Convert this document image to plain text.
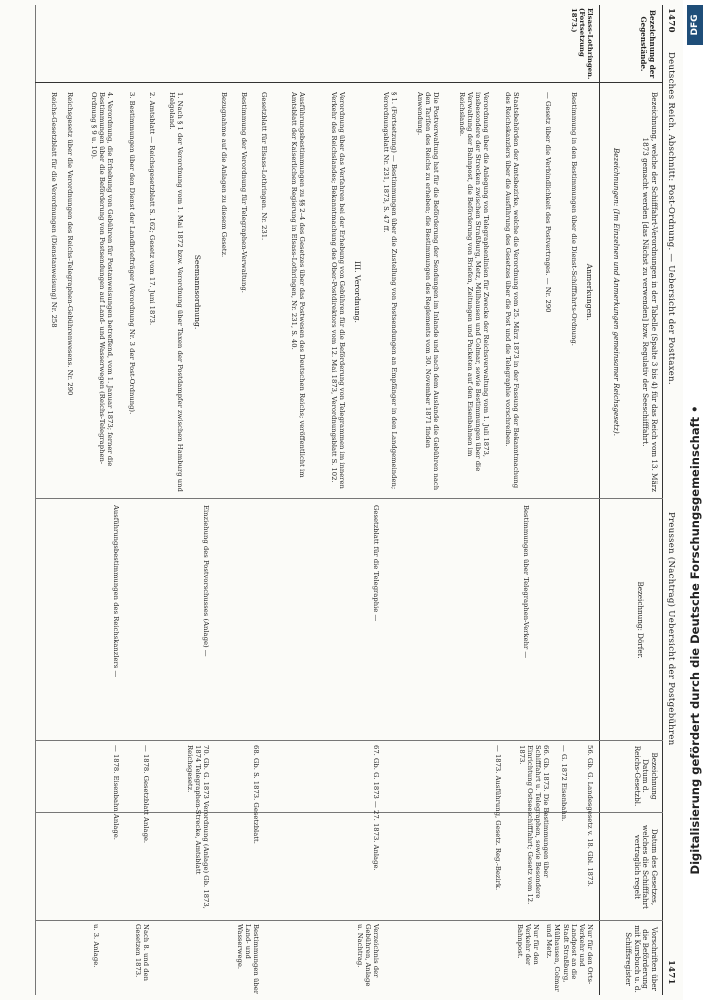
1470
Deutsches Reich. Abschnitt: Post-Ordnung. — Uebersicht der Posttaxen.
Preussen (Nachtrag) Uebersicht der Postgebühren
1471
Bezeichnung der Gegenstände.
Bezeichnung, welche der Schifffahrt-Verordnungen in der Tabelle (Spalte 3 bis 4) für das Reich vom 13. März 1873 gemacht werden [das Nächst zu verwenden] bzw. Regulativ der Seeschifffahrt.
Bezeichnungen: (Im Einzelnen und Anmerkungen gemeinsamer Reichsgesetz).
Bezeichnung: Dörfer.
Bezeichnung Datum d. Reichs-Gesetzbl.
Datum des Gesetzes, welches die Schifffahrt vertraglich regelt
Vorschriften über die Beförderung mit Kursbuch u. d. Schiffsregister
Elsass-Lothringen. (Fortsetzung 1873.)
Anmerkungen.
Bestimmung in den Bestimmungen über die Dienst-Schifffahrts-Ordnung.
— Gesetz über die Verbindlichkeit des Postvertrages. — Nr. 290
Staatsbehörden der Amtsbezirke, welche die Verordnung vom 25. März 1873 in der Fassung der Bekanntmachung des Reichskanzlers über die Ausführung des Gesetzes über die Post und die Telegraphie vorschreiben.
Verordnung über die Anlegung von Telegraphenlinien für Zwecke der Reichsverwaltung vom 1. Juli 1873, insbesondere der Strecken zwischen Straßburg, Metz, Mülhausen und Colmar, sowie Bestimmungen über die Verwaltung der Bahnpost, die Beförderung von Briefen, Zeitungen und Packeten auf den Eisenbahnen im Reichslande.
Die Postverwaltung hat für die Beförderung der Sendungen im Inlande und nach dem Auslande die Gebühren nach den Tarifen des Reichs zu erheben; die Bestimmungen des Reglements vom 30. November 1871 finden Anwendung.
§ 1. (Fortsetzung) — Bestimmungen über die Zustellung von Postsendungen an Empfänger in den Landgemeinden; Verordnungsblatt Nr. 231, 1873, S. 47 ff.
III. Verordnung.
Verordnung über das Verfahren bei der Erhebung von Gebühren für die Beförderung von Telegrammen im inneren Verkehr des Reichslandes; Bekanntmachung des Ober-Postdirektors vom 12. Mai 1873, Verordnungsblatt S. 102.
Ausführungsbestimmungen zu §§ 2–4 des Gesetzes über das Postwesen des Deutschen Reichs; veröffentlicht im Amtsblatt der Kaiserlichen Regierung in Elsass-Lothringen, Nr. 231, S. 40.
Gesetzblatt für Elsass-Lothringen. Nr. 231.
Bestimmung der Verordnung für Telegraphen-Verwaltung.
Bezugnahme auf die Anlagen zu diesem Gesetz.
Seemannsordnung.
1. Nach § 1 der Verordnung vom 1. Mai 1872 bzw. Verordnung über Taxen der Postdampfer zwischen Hamburg und Helgoland.
2. Amtsblatt — Reichsgesetzblatt S. 162; Gesetz vom 17. Juni 1873.
3. Bestimmungen über den Dienst der Landbriefträger (Verordnung Nr. 3 der Post-Ordnung).
4. Verordnung, die Erhebung von Gebühren für Postanweisungen betreffend, vom 1. Januar 1873; ferner die Bestimmungen über die Beförderung von Postsendungen auf Land- und Wasserwegen (Reichs-Telegraphen-Ordnung § 9 u. 10).
Reichsgesetz über die Verordnungen des Reichs-Telegraphen-Gebührenwesens. Nr. 290
Reichs-Gesetzblatt für die Verordnungen (Dienstanweisung) Nr. 258
Bestimmungen über Telegraphen-Verkehr —
Gesetzblatt für die Telegraphie —
Einziehung des Postvorschusses (Anlage) —
Ausführungsbestimmungen des Reichskanzlers —
56. Gb. G. Landesgesetz v. 18. Gbl. 1873.
— G. 1872 Eisenbahn.
66. Gb. 1873. Die Bestimmungen über Schifffahrt u. Telegraphen, sowie Besondere Einrichtung Ostseeschifffahrt; Gesetz vom 12. 1873.
— 1873. Ausführung, Gesetz. Reg.-Bezirk.
67. Gb. G. 1873 — 27. 1873. Anlage.
68. Gb. S. 1873. Gesetzblatt.
70. Gb. G. 1873 Verordnung (Anlage) Gb. 1873, 1874 Telegraphen-Strecke, Amtsblatt Reichsgesetz.
— 1878. Gesetzblatt Anlage.
— 1878. Eisenbahn Anlage.
Nur für den Orts-Verkehr und Landpost an die Stadt Straßburg, Mülhausen, Colmar und Metz.
Nur für den Verkehr der Bahnpost.
Verzeichnis der Gebühren, Anlage u. Nachtrag.
Bestimmungen über Land- und Wasserwege.
Nach 8. und den Gesetzen 1873.
u. 3. Anlage.
DFG
Digitalisierung gefördert durch die Deutsche Forschungsgemeinschaft •
